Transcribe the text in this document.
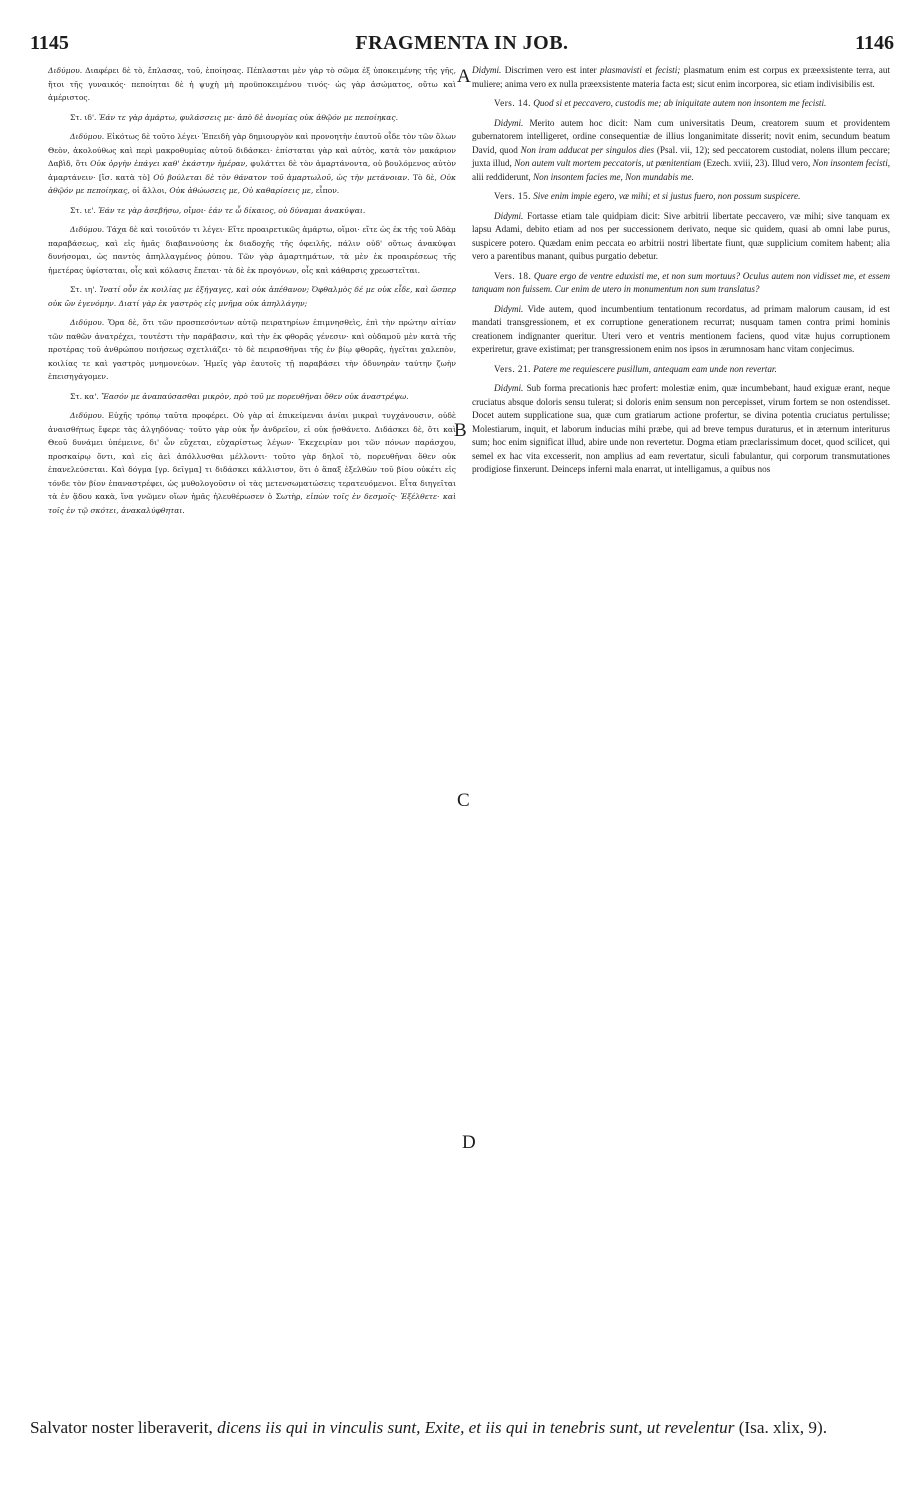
1145	FRAGMENTA IN JOB.	1146
A
B
C
D

Διδύμου. Διαφέρει δὲ τὸ, ἔπλασας, τοῦ, ἐποίησας. Πέπλασται μὲν γὰρ τὸ σῶμα ἐξ ὑποκειμένης τῆς γῆς, ἤτοι τῆς γυναικός· πεποίηται δὲ ἡ ψυχὴ μὴ προϋποκειμένου τινός· ὡς γὰρ ἀσώματος, οὕτω καὶ ἀμέριστος.

Στ. ιδ'. Ἐάν τε γὰρ ἁμάρτω, φυλάσσεις με· ἀπὸ δὲ ἀνομίας οὐκ ἀθῷόν με πεποίηκας.

Διδύμου. Εἰκότως δὲ τοῦτο λέγει· Ἐπειδὴ γὰρ δημιουργὸν καὶ προνοητὴν ἑαυτοῦ οἶδε τὸν τῶν ὅλων Θεὸν, ἀκολούθως καὶ περὶ μακροθυμίας αὐτοῦ διδάσκει· ἐπίσταται γὰρ καὶ αὐτὸς, κατὰ τὸν μακάριον Δαβὶδ, ὅτι Οὐκ ὀργὴν ἐπάγει καθ' ἑκάστην ἡμέραν, φυλάττει δὲ τὸν ἁμαρτάνοντα, οὐ βουλόμενος αὐτὸν ἁμαρτάνειν· [ἴσ. κατὰ τὸ] Οὐ βούλεται δὲ τὸν θάνατον τοῦ ἁμαρτωλοῦ, ὡς τὴν μετάνοιαν. Τὸ δὲ, Οὐκ ἀθῷόν με πεποίηκας, οἱ ἄλλοι, Οὐκ ἀθώωσεις με, Οὐ καθαρίσεις με, εἶπον.

Στ. ιε'. Ἐάν τε γὰρ ἀσεβήσω, οἴμοι· ἐάν τε ὦ δίκαιος, οὐ δύναμαι ἀνακύψαι.

Διδύμου. Τάχα δὲ καὶ τοιοῦτόν τι λέγει· Εἴτε προαιρετικῶς ἁμάρτω, οἴμοι· εἴτε ὡς ἐκ τῆς τοῦ Ἀδὰμ παραβάσεως, καὶ εἰς ἡμᾶς διαβαινούσης ἐκ διαδοχῆς τῆς ὀφειλῆς, πάλιν οὐδ' οὕτως ἀνακύψαι δυνήσομαι, ὡς παντὸς ἀπηλλαγμένος ῥύπου. Τῶν γὰρ ἁμαρτημάτων, τὰ μὲν ἐκ προαιρέσεως τῆς ἡμετέρας ὑφίσταται, οἷς καὶ κόλασις ἕπεται· τὰ δὲ ἐκ προγόνων, οἷς καὶ κάθαρσις χρεωστεῖται.

Στ. ιη'. Ἱνατί οὖν ἐκ κοιλίας με ἐξήγαγες, καὶ οὐκ ἀπέθανον; Ὀφθαλμὸς δέ με οὐκ εἶδε, καὶ ὥσπερ οὐκ ὢν ἐγενόμην. Διατί γὰρ ἐκ γαστρὸς εἰς μνῆμα οὐκ ἀπηλλάγην;

Διδύμου. Ὅρα δὲ, ὅτι τῶν προσπεσόντων αὐτῷ πειρατηρίων ἐπιμνησθεὶς, ἐπὶ τὴν πρώτην αἰτίαν τῶν παθῶν ἀνατρέχει, τουτέστι τὴν παράβασιν, καὶ τὴν ἐκ φθορᾶς γένεσιν· καὶ οὐδαμοῦ μὲν κατὰ τῆς προτέρας τοῦ ἀνθρώπου ποιήσεως σχετλιάζει· τὸ δὲ πειρασθῆναι τῆς ἐν βίῳ φθορᾶς, ἡγεῖται χαλεπὸν, κοιλίας τε καὶ γαστρὸς μνημονεύων. Ἡμεῖς γὰρ ἑαυτοῖς τῇ παραβάσει τὴν ὀδυνηρὰν ταύτην ζωὴν ἐπεισηγάγομεν.

Στ. κα'. Ἔασόν με ἀναπαύσασθαι μικρὸν, πρὸ τοῦ με πορευθῆναι ὅθεν οὐκ ἀναστρέψω.

Διδύμου. Εὐχῆς τρόπῳ ταῦτα προφέρει. Οὐ γὰρ αἱ ἐπικείμεναι ἀνίαι μικραὶ τυγχάνουσιν, οὐδὲ ἀναισθήτως ἔφερε τὰς ἀλγηδόνας· τοῦτο γὰρ οὐκ ἦν ἀνδρεῖον, εἰ οὐκ ᾐσθάνετο. Διδάσκει δὲ, ὅτι καὶ Θεοῦ δυνάμει ὑπέμεινε, δι' ὧν εὔχεται, εὐχαρίστως λέγων· Ἐκεχειρίαν μοι τῶν πόνων παράσχου, προσκαίρῳ ὄντι, καὶ εἰς ἀεὶ ἀπόλλυσθαι μέλλοντι· τοῦτο γὰρ δηλοῖ τὸ, πορευθῆναι ὅθεν οὐκ ἐπανελεύσεται. Καὶ δόγμα [γρ. δεῖγμα] τι διδάσκει κάλλιστον, ὅτι ὁ ἅπαξ ἐξελθὼν τοῦ βίου οὐκέτι εἰς τόνδε τὸν βίον ἐπαναστρέφει, ὡς μυθολογοῦσιν οἱ τὰς μετενσωματώσεις τερατευόμενοι. Εἶτα διηγεῖται τὰ ἐν ᾅδου κακὰ, ἵνα γνῶμεν οἵων ἡμᾶς ἠλευθέρωσεν ὁ Σωτὴρ, εἰπὼν τοῖς ἐν δεσμοῖς· Ἐξέλθετε· καὶ τοῖς ἐν τῷ σκότει, ἀνακαλύφθηται.

Didymi. Discrimen vero est inter plasmavisti et fecisti; plasmatum enim est corpus ex præexsistente terra, aut muliere; anima vero ex nulla præexsistente materia facta est; sicut enim incorporea, sic etiam indivisibilis est.

Vers. 14. Quod si et peccavero, custodis me; ab iniquitate autem non insontem me fecisti.

Didymi. Merito autem hoc dicit: Nam cum universitatis Deum, creatorem suum et providentem gubernatorem intelligeret, ordine consequentiæ de illius longanimitate disserit; novit enim, secundum beatum David, quod Non iram adducat per singulos dies (Psal. vii, 12); sed peccatorem custodiat, nolens illum peccare; juxta illud, Non autem vult mortem peccatoris, ut pœnitentiam (Ezech. xviii, 23). Illud vero, Non insontem fecisti, alii reddiderunt, Non insontem facies me, Non mundabis me.

Vers. 15. Sive enim impie egero, væ mihi; et si justus fuero, non possum suspicere.

Didymi. Fortasse etiam tale quidpiam dicit: Sive arbitrii libertate peccavero, væ mihi; sive tanquam ex lapsu Adami, debito etiam ad nos per successionem derivato, neque sic quidem, quasi ab omni labe purus, suspicere potero. Quædam enim peccata eo arbitrii nostri libertate fiunt, quæ supplicium comitem habent; alia vero a parentibus manant, quibus purgatio debetur.

Vers. 18. Quare ergo de ventre eduxisti me, et non sum mortuus? Oculus autem non vidisset me, et essem tanquam non fuissem. Cur enim de utero in monumentum non sum translatus?

Didymi. Vide autem, quod incumbentium tentationum recordatus, ad primam malorum causam, id est mandati transgressionem, et ex corruptione generationem recurrat; nusquam tamen contra primi hominis creationem indignanter queritur. Uteri vero et ventris mentionem faciens, quod vitæ hujus corruptionem experiretur, grave existimat; per transgressionem enim nos ipsos in ærumnosam hanc vitam conjecimus.

Vers. 21. Patere me requiescere pusillum, antequam eam unde non revertar.

Didymi. Sub forma precationis hæc profert: molestiæ enim, quæ incumbebant, haud exiguæ erant, neque cruciatus absque doloris sensu tulerat; si doloris enim sensum non percepisset, virum fortem se non ostendisset. Docet autem supplicatione sua, quæ cum gratiarum actione profertur, se divina potentia cruciatus pertulisse; Molestiarum, inquit, et laborum inducias mihi præbe, qui ad breve tempus duraturus, et in æternum interiturus sum; hoc enim significat illud, abire unde non revertetur. Dogma etiam præclarissimum docet, quod scilicet, qui semel ex hac vita excesserit, non amplius ad eam revertatur, siculi fabulantur, qui corporum transmutationes prodigiose finxerunt. Deinceps inferni mala enarrat, ut intelligamus, a quibus nos

Salvator noster liberaverit, dicens iis qui in vinculis sunt, Exite, et iis qui in tenebris sunt, ut revelentur (Isa. xlix, 9).
